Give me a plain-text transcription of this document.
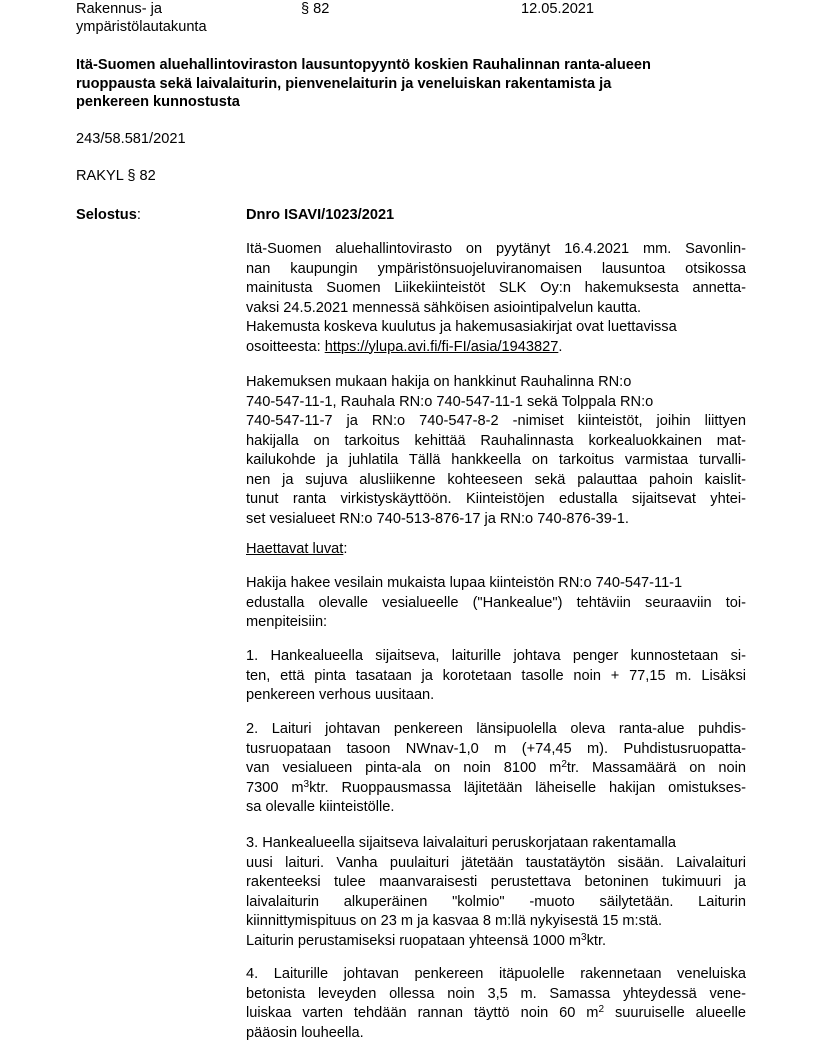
Rakennus- ja
ympäristölautakunta
§ 82	12.05.2021
Itä-Suomen aluehallintoviraston lausuntopyyntö koskien Rauhalinnan ranta-alueen
ruoppausta sekä laivalaiturin, pienvenelaiturin ja veneluiskan rakentamista ja
penkereen kunnostusta
243/58.581/2021
RAKYL § 82
Selostus:	Dnro ISAVI/1023/2021

Itä-Suomen aluehallintovirasto on pyytänyt 16.4.2021 mm. Savonlin-
nan kaupungin ympäristönsuojeluviranomaisen lausuntoa otsikossa
mainitusta Suomen Liikekiinteistöt SLK Oy:n hakemuksesta annetta-
vaksi 24.5.2021 mennessä sähköisen asiointipalvelun kautta.
Hakemusta koskeva kuulutus ja hakemusasiakirjat ovat luettavissa
osoitteesta: https://ylupa.avi.fi/fi-FI/asia/1943827.

Hakemuksen mukaan hakija on hankkinut Rauhalinna RN:o
740-547-11-1, Rauhala RN:o 740-547-11-1 sekä Tolppala RN:o
740-547-11-7 ja RN:o 740-547-8-2 -nimiset kiinteistöt, joihin liittyen
hakijalla on tarkoitus kehittää Rauhalinnasta korkealuokkainen mat-
kailukohde ja juhlatila Tällä hankkeella on tarkoitus varmistaa turvalli-
nen ja sujuva alusliikenne kohteeseen sekä palauttaa pahoin kaislit-
tunut ranta virkistyskäyttöön. Kiinteistöjen edustalla sijaitsevat yhtei-
set vesialueet RN:o 740-513-876-17 ja RN:o 740-876-39-1.

Haettavat luvat:

Hakija hakee vesilain mukaista lupaa kiinteistön RN:o 740-547-11-1
edustalla olevalle vesialueelle ("Hankealue") tehtäviin seuraaviin toi-
menpiteisiin:

1. Hankealueella sijaitseva, laiturille johtava penger kunnostetaan si-
ten, että pinta tasataan ja korotetaan tasolle noin + 77,15 m. Lisäksi
penkereen verhous uusitaan.

2. Laituri johtavan penkereen länsipuolella oleva ranta-alue puhdis-
tusruopataan tasoon NWnav-1,0 m (+74,45 m). Puhdistusruopatta-
van vesialueen pinta-ala on noin 8100 $m^2tr$. Massamäärä on noin
7300 $m^3ktr$. Ruoppausmassa läjitetään läheiselle hakijan omistukses-
sa olevalle kiinteistölle.

3. Hankealueella sijaitseva laivalaituri peruskorjataan rakentamalla
uusi laituri. Vanha puulaituri jätetään taustatäytön sisään. Laivalaituri
rakenteeksi tulee maanvaraisesti perustettava betoninen tukimuuri ja
laivalaiturin alkuperäinen "kolmio" -muoto säilytetään. Laiturin
kiinnittymispituus on 23 m ja kasvaa 8 m:llä nykyisestä 15 m:stä.
Laiturin perustamiseksi ruopataan yhteensä 1000 $m^3ktr$.

4. Laiturille johtavan penkereen itäpuolelle rakennetaan veneluiska
betonista leveyden ollessa noin 3,5 m. Samassa yhteydessä vene-
luiskaa varten tehdään rannan täyttö noin 60 $m^2$ suuruiselle alueelle
pääosin louheella.
